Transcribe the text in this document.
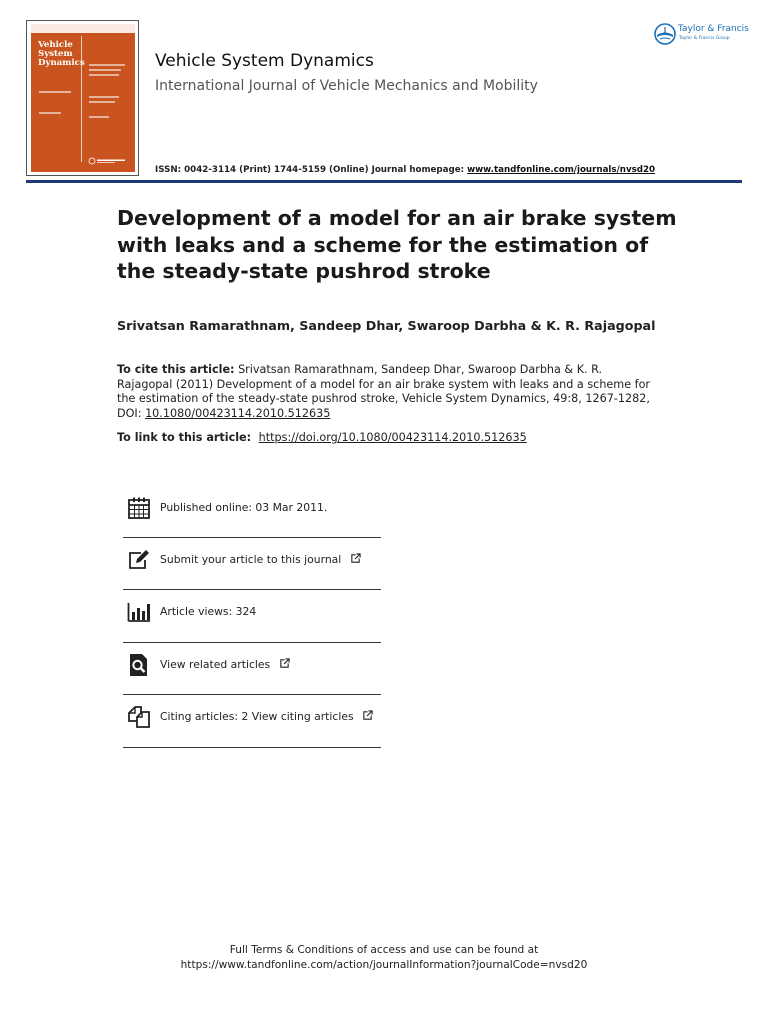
Vehicle
System
Dynamics	Vehicle System Dynamics
International Journal of Vehicle Mechanics and Mobility
ISSN: 0042-3114 (Print) 1744-5159 (Online) Journal homepage: www.tandfonline.com/journals/nvsd20
Taylor & Francis
Taylor & Francis Group
Development of a model for an air brake system with leaks and a scheme for the estimation of the steady-state pushrod stroke
Srivatsan Ramarathnam, Sandeep Dhar, Swaroop Darbha & K. R. Rajagopal
To cite this article: Srivatsan Ramarathnam, Sandeep Dhar, Swaroop Darbha & K. R. Rajagopal (2011) Development of a model for an air brake system with leaks and a scheme for the estimation of the steady-state pushrod stroke, Vehicle System Dynamics, 49:8, 1267-1282, DOI: 10.1080/00423114.2010.512635
To link to this article: https://doi.org/10.1080/00423114.2010.512635
Published online: 03 Mar 2011.
Submit your article to this journal
Article views: 324
View related articles
Citing articles: 2 View citing articles
Full Terms & Conditions of access and use can be found at
https://www.tandfonline.com/action/journalInformation?journalCode=nvsd20
